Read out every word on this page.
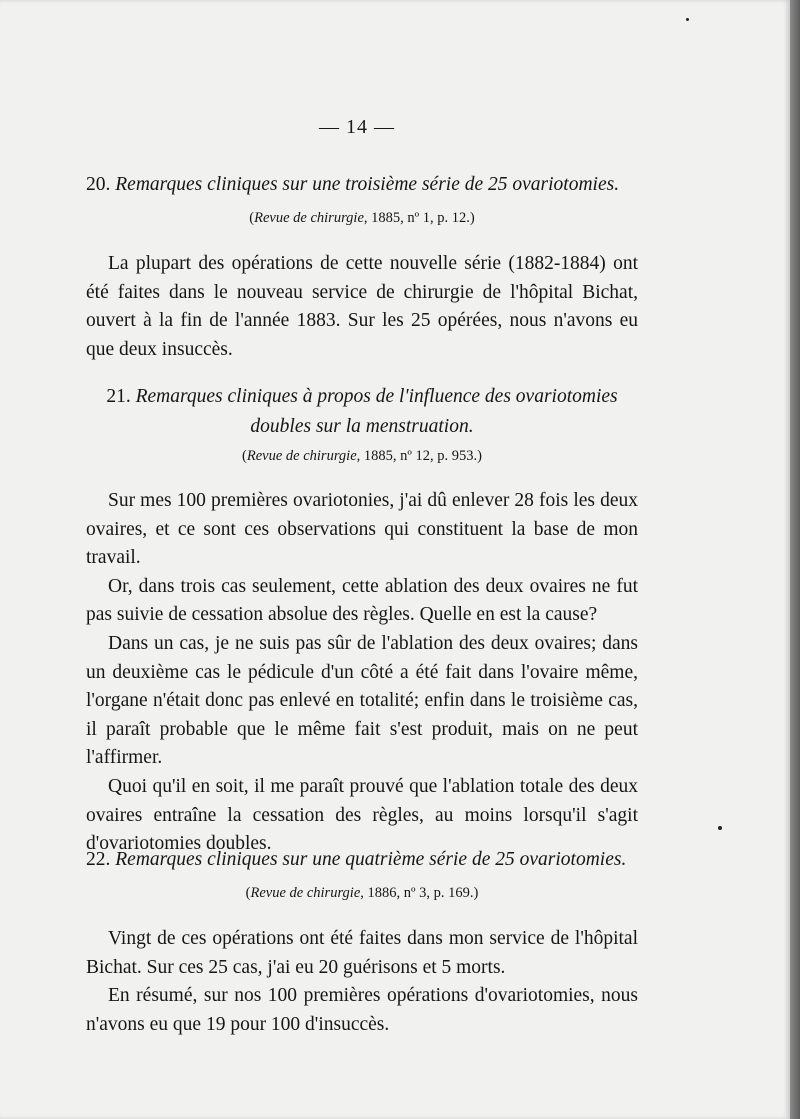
— 14 —
20. Remarques cliniques sur une troisième série de 25 ovariotomies.
(Revue de chirurgie, 1885, nº 1, p. 12.)

La plupart des opérations de cette nouvelle série (1882-1884) ont été faites dans le nouveau service de chirurgie de l'hôpital Bichat, ouvert à la fin de l'année 1883. Sur les 25 opérées, nous n'avons eu que deux insuccès.

21. Remarques cliniques à propos de l'influence des ovariotomies
doubles sur la menstruation.
(Revue de chirurgie, 1885, nº 12, p. 953.)

Sur mes 100 premières ovariotonies, j'ai dû enlever 28 fois les deux ovaires, et ce sont ces observations qui constituent la base de mon travail.

Or, dans trois cas seulement, cette ablation des deux ovaires ne fut pas suivie de cessation absolue des règles. Quelle en est la cause?

Dans un cas, je ne suis pas sûr de l'ablation des deux ovaires; dans un deuxième cas le pédicule d'un côté a été fait dans l'ovaire même, l'organe n'était donc pas enlevé en totalité; enfin dans le troisième cas, il paraît probable que le même fait s'est produit, mais on ne peut l'affirmer.

Quoi qu'il en soit, il me paraît prouvé que l'ablation totale des deux ovaires entraîne la cessation des règles, au moins lorsqu'il s'agit d'ovariotomies doubles.

22. Remarques cliniques sur une quatrième série de 25 ovariotomies.
(Revue de chirurgie, 1886, nº 3, p. 169.)

Vingt de ces opérations ont été faites dans mon service de l'hôpital Bichat. Sur ces 25 cas, j'ai eu 20 guérisons et 5 morts.

En résumé, sur nos 100 premières opérations d'ovariotomies, nous n'avons eu que 19 pour 100 d'insuccès.
